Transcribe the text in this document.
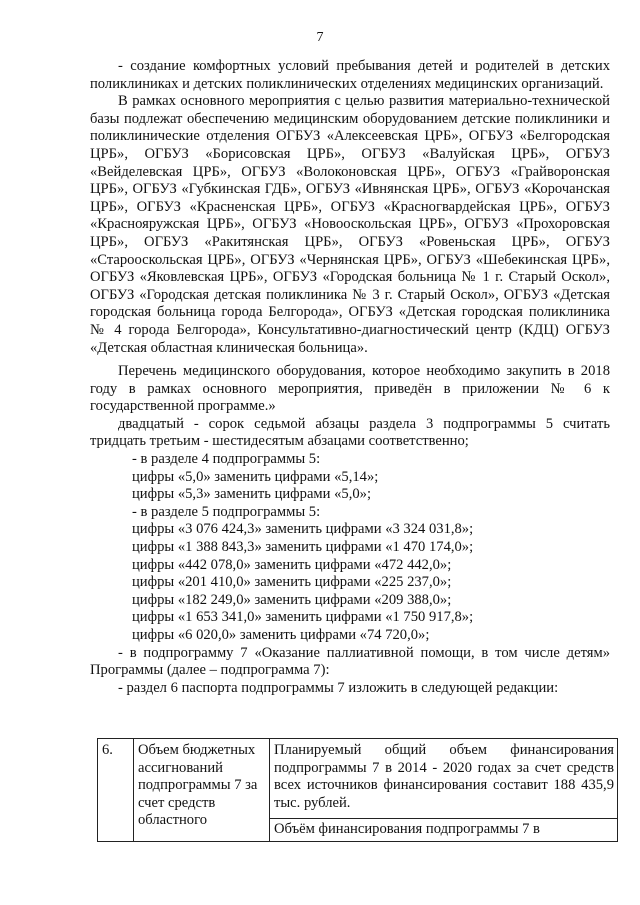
7

- создание комфортных условий пребывания детей и родителей в детских поликлиниках и детских поликлинических отделениях медицинских организаций.

В рамках основного мероприятия с целью развития материально-технической базы подлежат обеспечению медицинским оборудованием детские поликлиники и поликлинические отделения ОГБУЗ «Алексеевская ЦРБ», ОГБУЗ «Белгородская ЦРБ», ОГБУЗ «Борисовская ЦРБ», ОГБУЗ «Валуйская ЦРБ», ОГБУЗ «Вейделевская ЦРБ», ОГБУЗ «Волоконовская ЦРБ», ОГБУЗ «Грайворонская ЦРБ», ОГБУЗ «Губкинская ГДБ», ОГБУЗ «Ивнянская ЦРБ», ОГБУЗ «Корочанская ЦРБ», ОГБУЗ «Красненская ЦРБ», ОГБУЗ «Красногвардейская ЦРБ», ОГБУЗ «Краснояружская ЦРБ», ОГБУЗ «Новооскольская ЦРБ», ОГБУЗ «Прохоровская ЦРБ», ОГБУЗ «Ракитянская ЦРБ», ОГБУЗ «Ровеньская ЦРБ», ОГБУЗ «Старооскольская ЦРБ», ОГБУЗ «Чернянская ЦРБ», ОГБУЗ «Шебекинская ЦРБ», ОГБУЗ «Яковлевская ЦРБ», ОГБУЗ «Городская больница № 1 г. Старый Оскол», ОГБУЗ «Городская детская поликлиника № 3 г. Старый Оскол», ОГБУЗ «Детская городская больница города Белгорода», ОГБУЗ «Детская городская поликлиника № 4 города Белгорода», Консультативно-диагностический центр (КДЦ) ОГБУЗ «Детская областная клиническая больница».

Перечень медицинского оборудования, которое необходимо закупить в 2018 году в рамках основного мероприятия, приведён в приложении № 6 к государственной программе.»

двадцатый - сорок седьмой абзацы раздела 3 подпрограммы 5 считать тридцать третьим - шестидесятым абзацами соответственно;

- в разделе 4 подпрограммы 5:

цифры «5,0» заменить цифрами «5,14»;

цифры «5,3» заменить цифрами «5,0»;

- в разделе 5 подпрограммы 5:

цифры «3 076 424,3» заменить цифрами «3 324 031,8»;

цифры «1 388 843,3» заменить цифрами «1 470 174,0»;

цифры «442 078,0» заменить цифрами «472 442,0»;

цифры «201 410,0» заменить цифрами «225 237,0»;

цифры «182 249,0» заменить цифрами «209 388,0»;

цифры «1 653 341,0» заменить цифрами «1 750 917,8»;

цифры «6 020,0» заменить цифрами «74 720,0»;

- в подпрограмму 7 «Оказание паллиативной помощи, в том числе детям» Программы (далее – подпрограмма 7):

- раздел 6 паспорта подпрограммы 7 изложить в следующей редакции:

6.	Объем бюджетных ассигнований подпрограммы 7 за счет средств областного	Планируемый общий объем финансирования подпрограммы 7 в 2014 - 2020 годах за счет средств всех источников финансирования составит 188 435,9 тыс. рублей.
Объём финансирования подпрограммы 7 в
